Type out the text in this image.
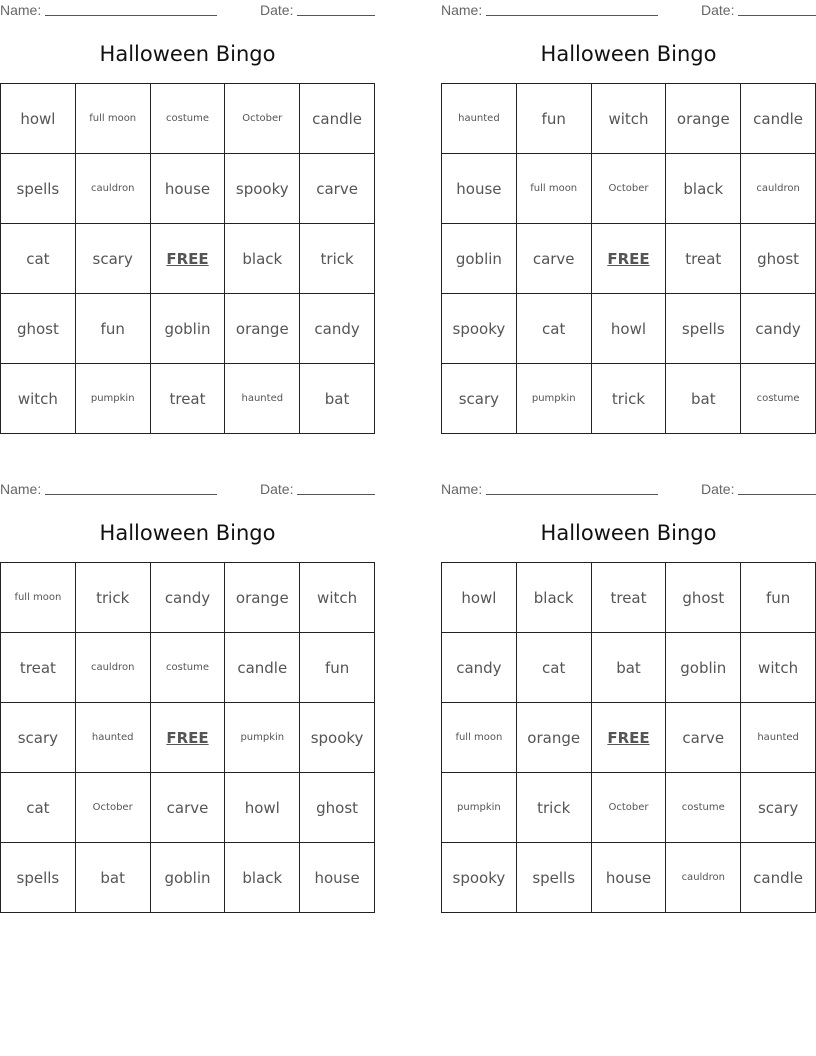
Name:	Date:
Halloween Bingo
howl	full moon	costume	October	candle
spells	cauldron	house	spooky	carve
cat	scary	FREE	black	trick
ghost	fun	goblin	orange	candy
witch	pumpkin	treat	haunted	bat
Name:	Date:
Halloween Bingo
haunted	fun	witch	orange	candle
house	full moon	October	black	cauldron
goblin	carve	FREE	treat	ghost
spooky	cat	howl	spells	candy
scary	pumpkin	trick	bat	costume
Name:	Date:
Halloween Bingo
full moon	trick	candy	orange	witch
treat	cauldron	costume	candle	fun
scary	haunted	FREE	pumpkin	spooky
cat	October	carve	howl	ghost
spells	bat	goblin	black	house
Name:	Date:
Halloween Bingo
howl	black	treat	ghost	fun
candy	cat	bat	goblin	witch
full moon	orange	FREE	carve	haunted
pumpkin	trick	October	costume	scary
spooky	spells	house	cauldron	candle
